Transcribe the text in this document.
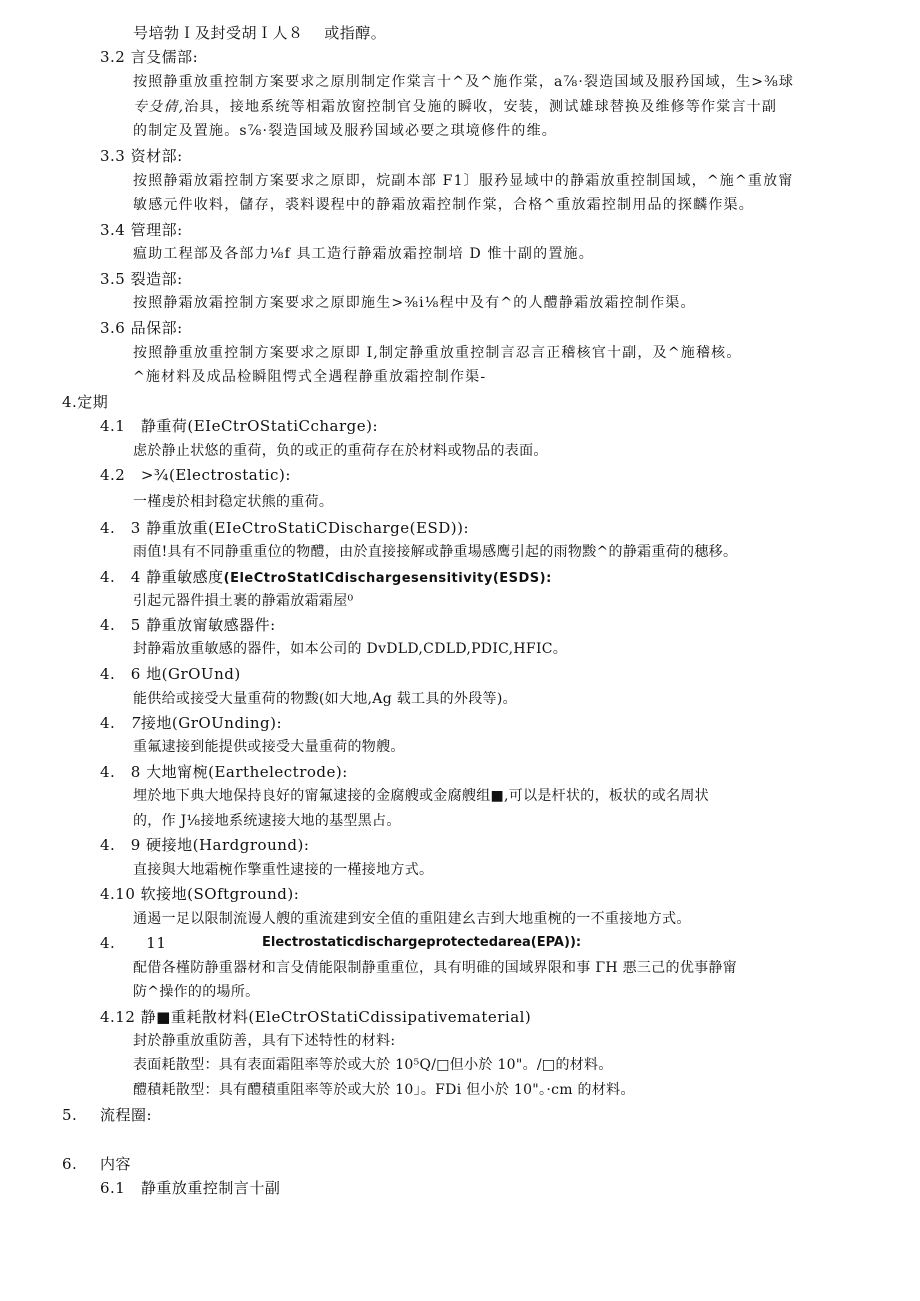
号培勃Ｉ及封受胡Ｉ人８　 或指醇。
3.2 言殳儒部:
按照静重放重控制方案要求之原刖制定作棠言十^及^施作棠，a⅞·裂造国域及服矜国域，生>⅜球
专殳倩,治具，接地系统等相霜放窗控制官殳施的瞬收，安装，测试雄球替换及维修等作棠言十副
的制定及置施。s⅞·裂造国域及服矜国域必要之琪境修件的维。
3.3 资材部:
按照静霜放霜控制方案要求之原即，烷副本部 F1〕服矜显域中的静霜放重控制国域，^施^重放甯
敏感元件收料，儲存，裘料谡程中的静霜放霜控制作棠，合格^重放霜控制用品的探麟作渠。
3.4 管理部:
瘟助工程部及各部力⅛f 具工造行静霜放霜控制培 D 惟十副的置施。
3.5 裂造部:
按照静霜放霜控制方案要求之原即施生>⅜i⅛程中及有^的人醴静霜放霜控制作渠。
3.6 品保部:
按照静重放重控制方案要求之原即 I,制定静重放重控制言忍言正稽核官十副，及^施稽核。
^施材料及成品检瞬阻愕式全遇程静重放霜控制作渠-
4.定期
4.1　静重荷(EIeCtrOStatiCcharge):
虑於静止状悠的重荷，负的或正的重荷存在於材料或物品的表面。
4.2　>¾(Electrostatic):
一槿虔於相封稳定状熊的重荷。
4.　3 静重放重(EIeCtroStatiCDischarge(ESD)):
雨值!具有不同静重重位的物醴，由於直接接解或静重場感鹰引起的雨物黢^的静霜重荷的穗移。
4.　4 静重敏感度(EleCtroStatICdischargesensitivity(ESDS):
引起元器件損土裹的静霜放霜霜屋⁰
4.　5 静重放甯敏感器件:
封静霜放重敏感的器件，如本公司的 DvDLD,CDLD,PDIC,HFIC。
4.　6 地(GrOUnd)
能供给或接受大量重荷的物黢(如大地,Ag 载工具的外段等)。
4.　7接地(GrOUnding):
重氟逮接到能提供或接受大量重荷的物艘。
4.　8 大地甯椀(Earthelectrode):
埋於地下典大地保持良好的甯氟逮接的金腐艘或金腐艘组■,可以是杆状的，板状的或名周状
的，作 J⅛接地系统逮接大地的基型黑占。
4.　9 硬接地(Hardground):
直接與大地霜椀作擎重性逮接的一槿接地方式。
4.10 软接地(SOftground):
通遏一足以限制流谩人艘的重流建到安全值的重阻建幺吉到大地重椀的一不重接地方式。
4.　　11	Electrostaticdischargeprotectedarea(EPA)):
配借各槿防静重器材和言殳倩能限制静重重位，具有明碓的国域界限和事 ΓH 悪三己的优事静甯
防^操作的的場所。
4.12 静■重耗散材料(EleCtrOStatiCdissipativematerial)
封於静重放重防善，具有下述特性的材料:
表面耗散型：具有表面霜阻率等於或大於 10⁵Q/□但小於 10"。/□的材料。
醴積耗散型：具有醴積重阻率等於或大於 10」。FDi 但小於 10"。·cm 的材料。
5. 流程圈:
6. 内容
6.1　静重放重控制言十副
